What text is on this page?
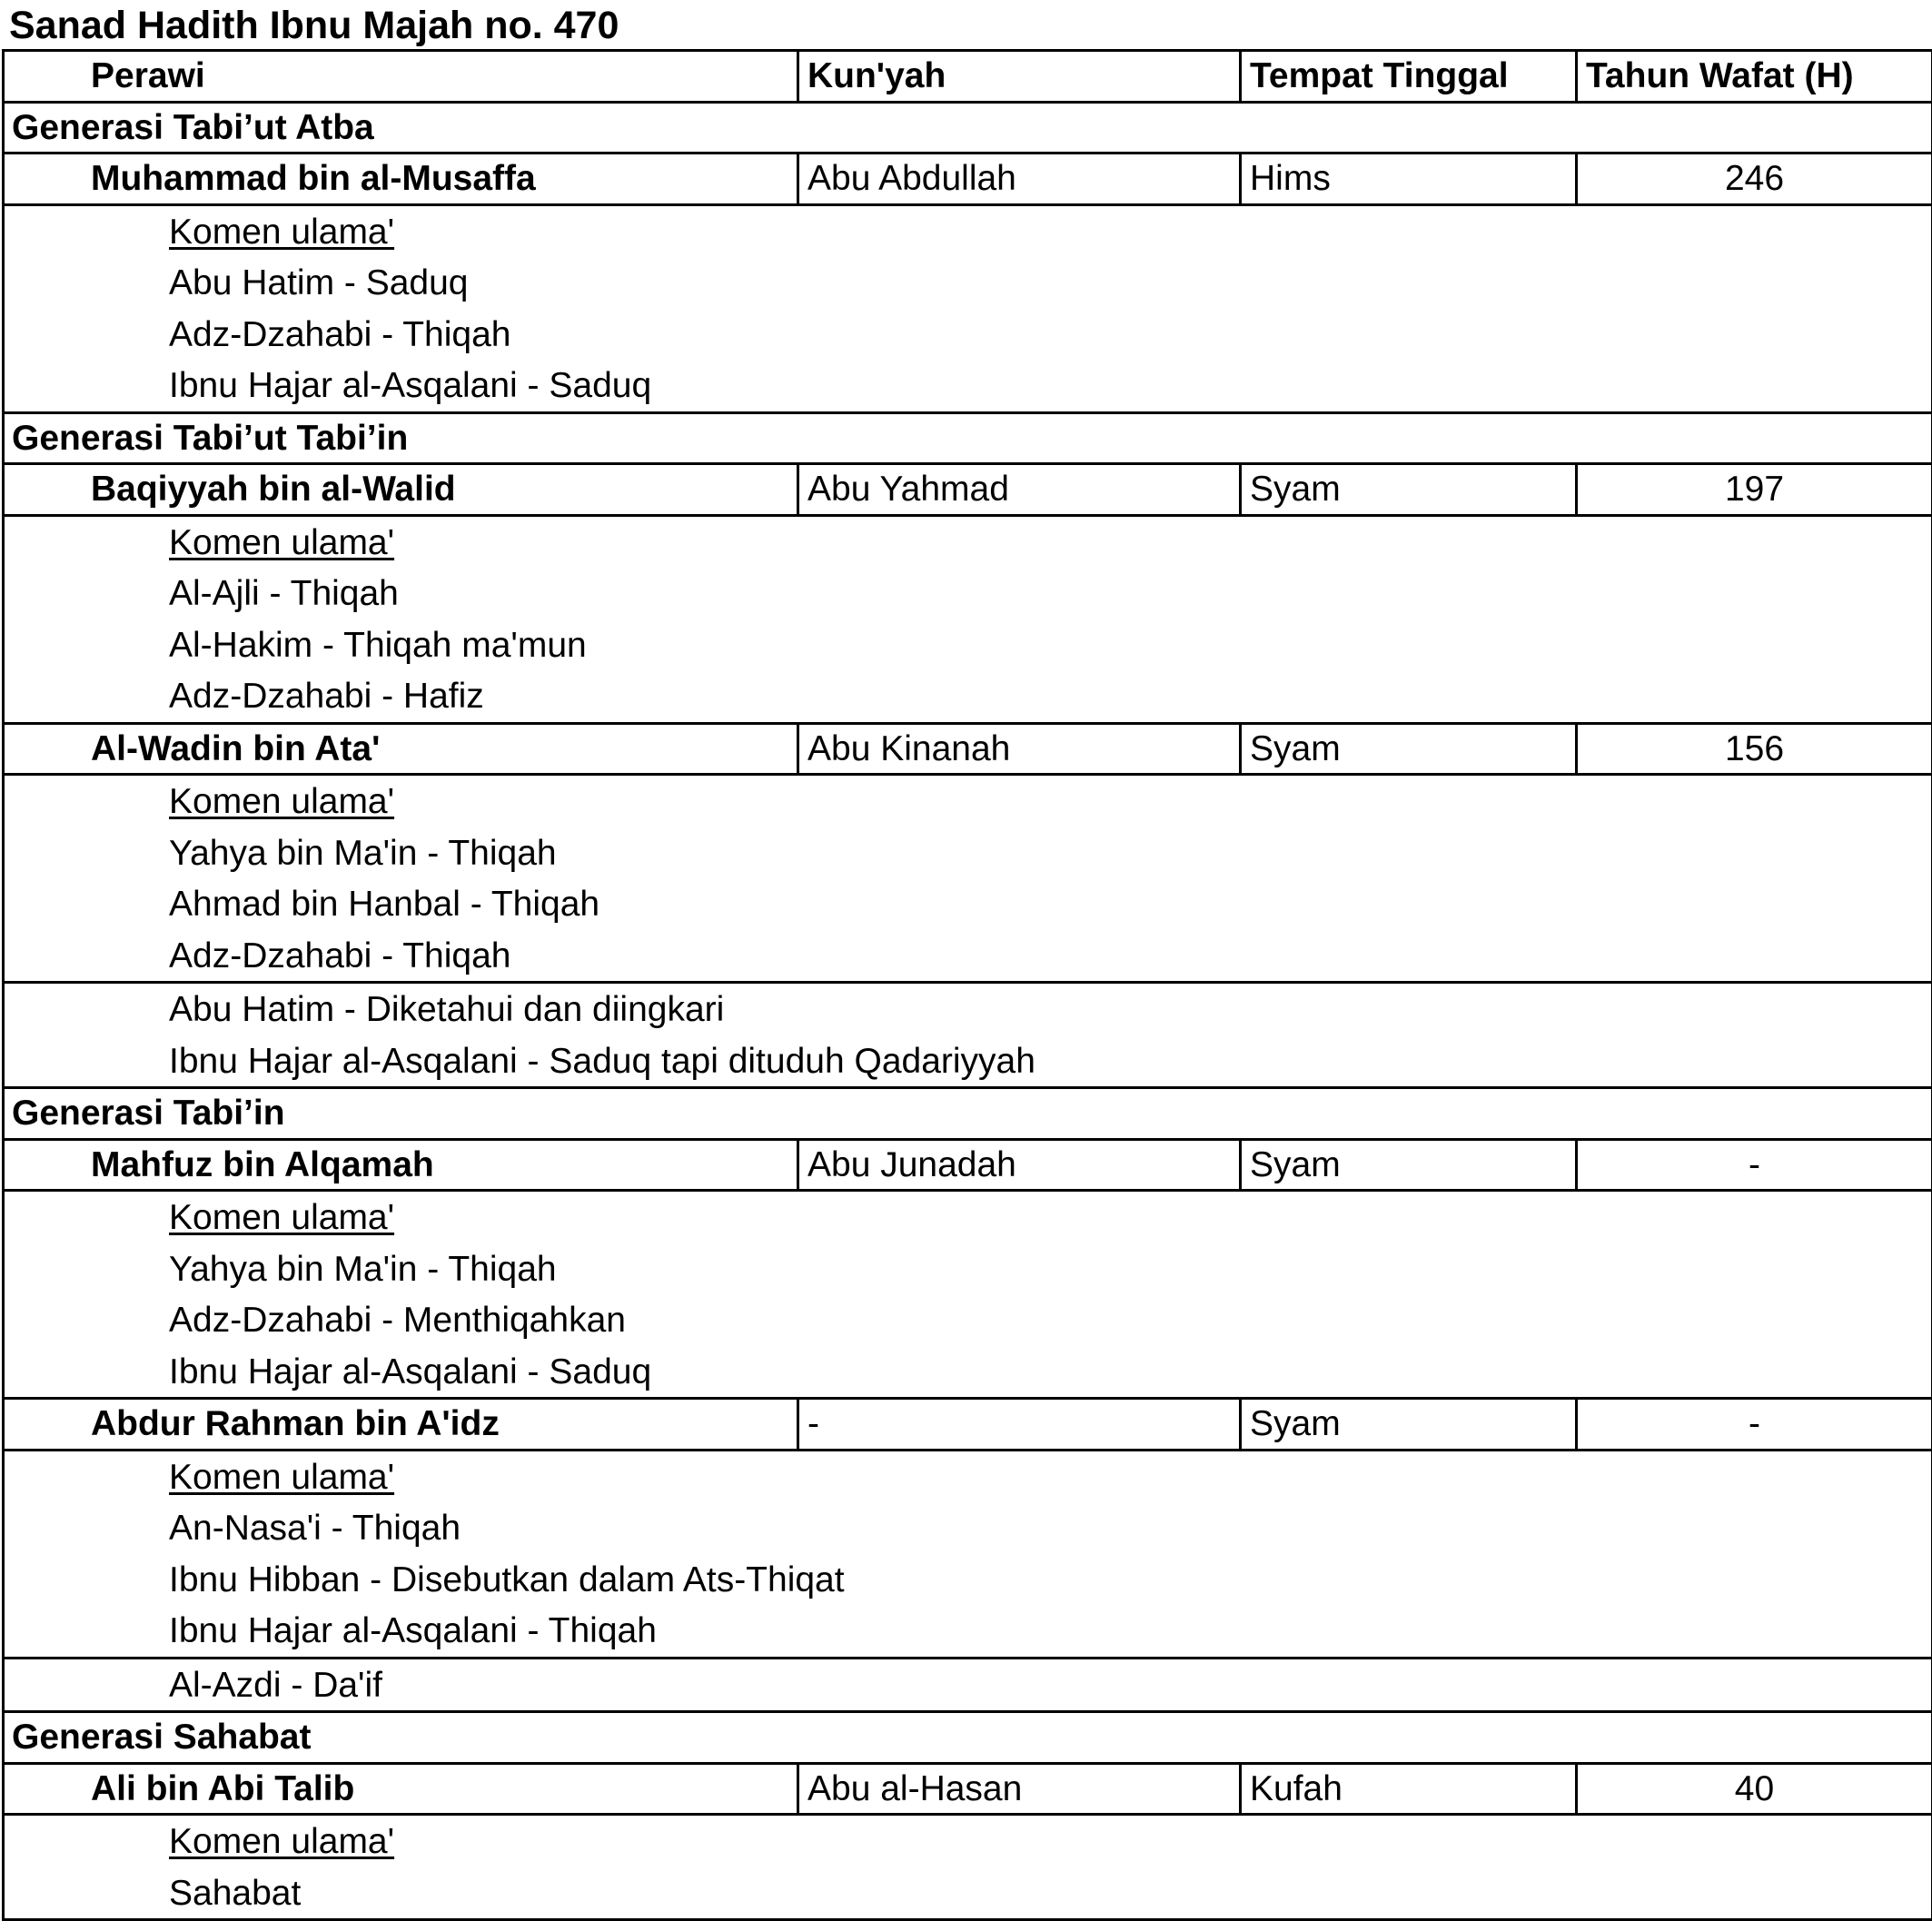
Sanad Hadith Ibnu Majah no. 470
Perawi	Kun'yah	Tempat Tinggal	Tahun Wafat (H)
Generasi Tabi’ut Atba
Muhammad bin al-Musaffa	Abu Abdullah	Hims	246
Komen ulama'
Abu Hatim - Saduq
Adz-Dzahabi - Thiqah
Ibnu Hajar al-Asqalani - Saduq
Generasi Tabi’ut Tabi’in
Baqiyyah bin al-Walid	Abu Yahmad	Syam	197
Komen ulama'
Al-Ajli - Thiqah
Al-Hakim - Thiqah ma'mun
Adz-Dzahabi - Hafiz
Al-Wadin bin Ata'	Abu Kinanah	Syam	156
Komen ulama'
Yahya bin Ma'in - Thiqah
Ahmad bin Hanbal - Thiqah
Adz-Dzahabi - Thiqah
Abu Hatim - Diketahui dan diingkari
Ibnu Hajar al-Asqalani - Saduq tapi dituduh Qadariyyah
Generasi Tabi’in
Mahfuz bin Alqamah	Abu Junadah	Syam	-
Komen ulama'
Yahya bin Ma'in - Thiqah
Adz-Dzahabi - Menthiqahkan
Ibnu Hajar al-Asqalani - Saduq
Abdur Rahman bin A'idz	-	Syam	-
Komen ulama'
An-Nasa'i - Thiqah
Ibnu Hibban - Disebutkan dalam Ats-Thiqat
Ibnu Hajar al-Asqalani - Thiqah
Al-Azdi - Da'if
Generasi Sahabat
Ali bin Abi Talib	Abu al-Hasan	Kufah	40
Komen ulama'
Sahabat
